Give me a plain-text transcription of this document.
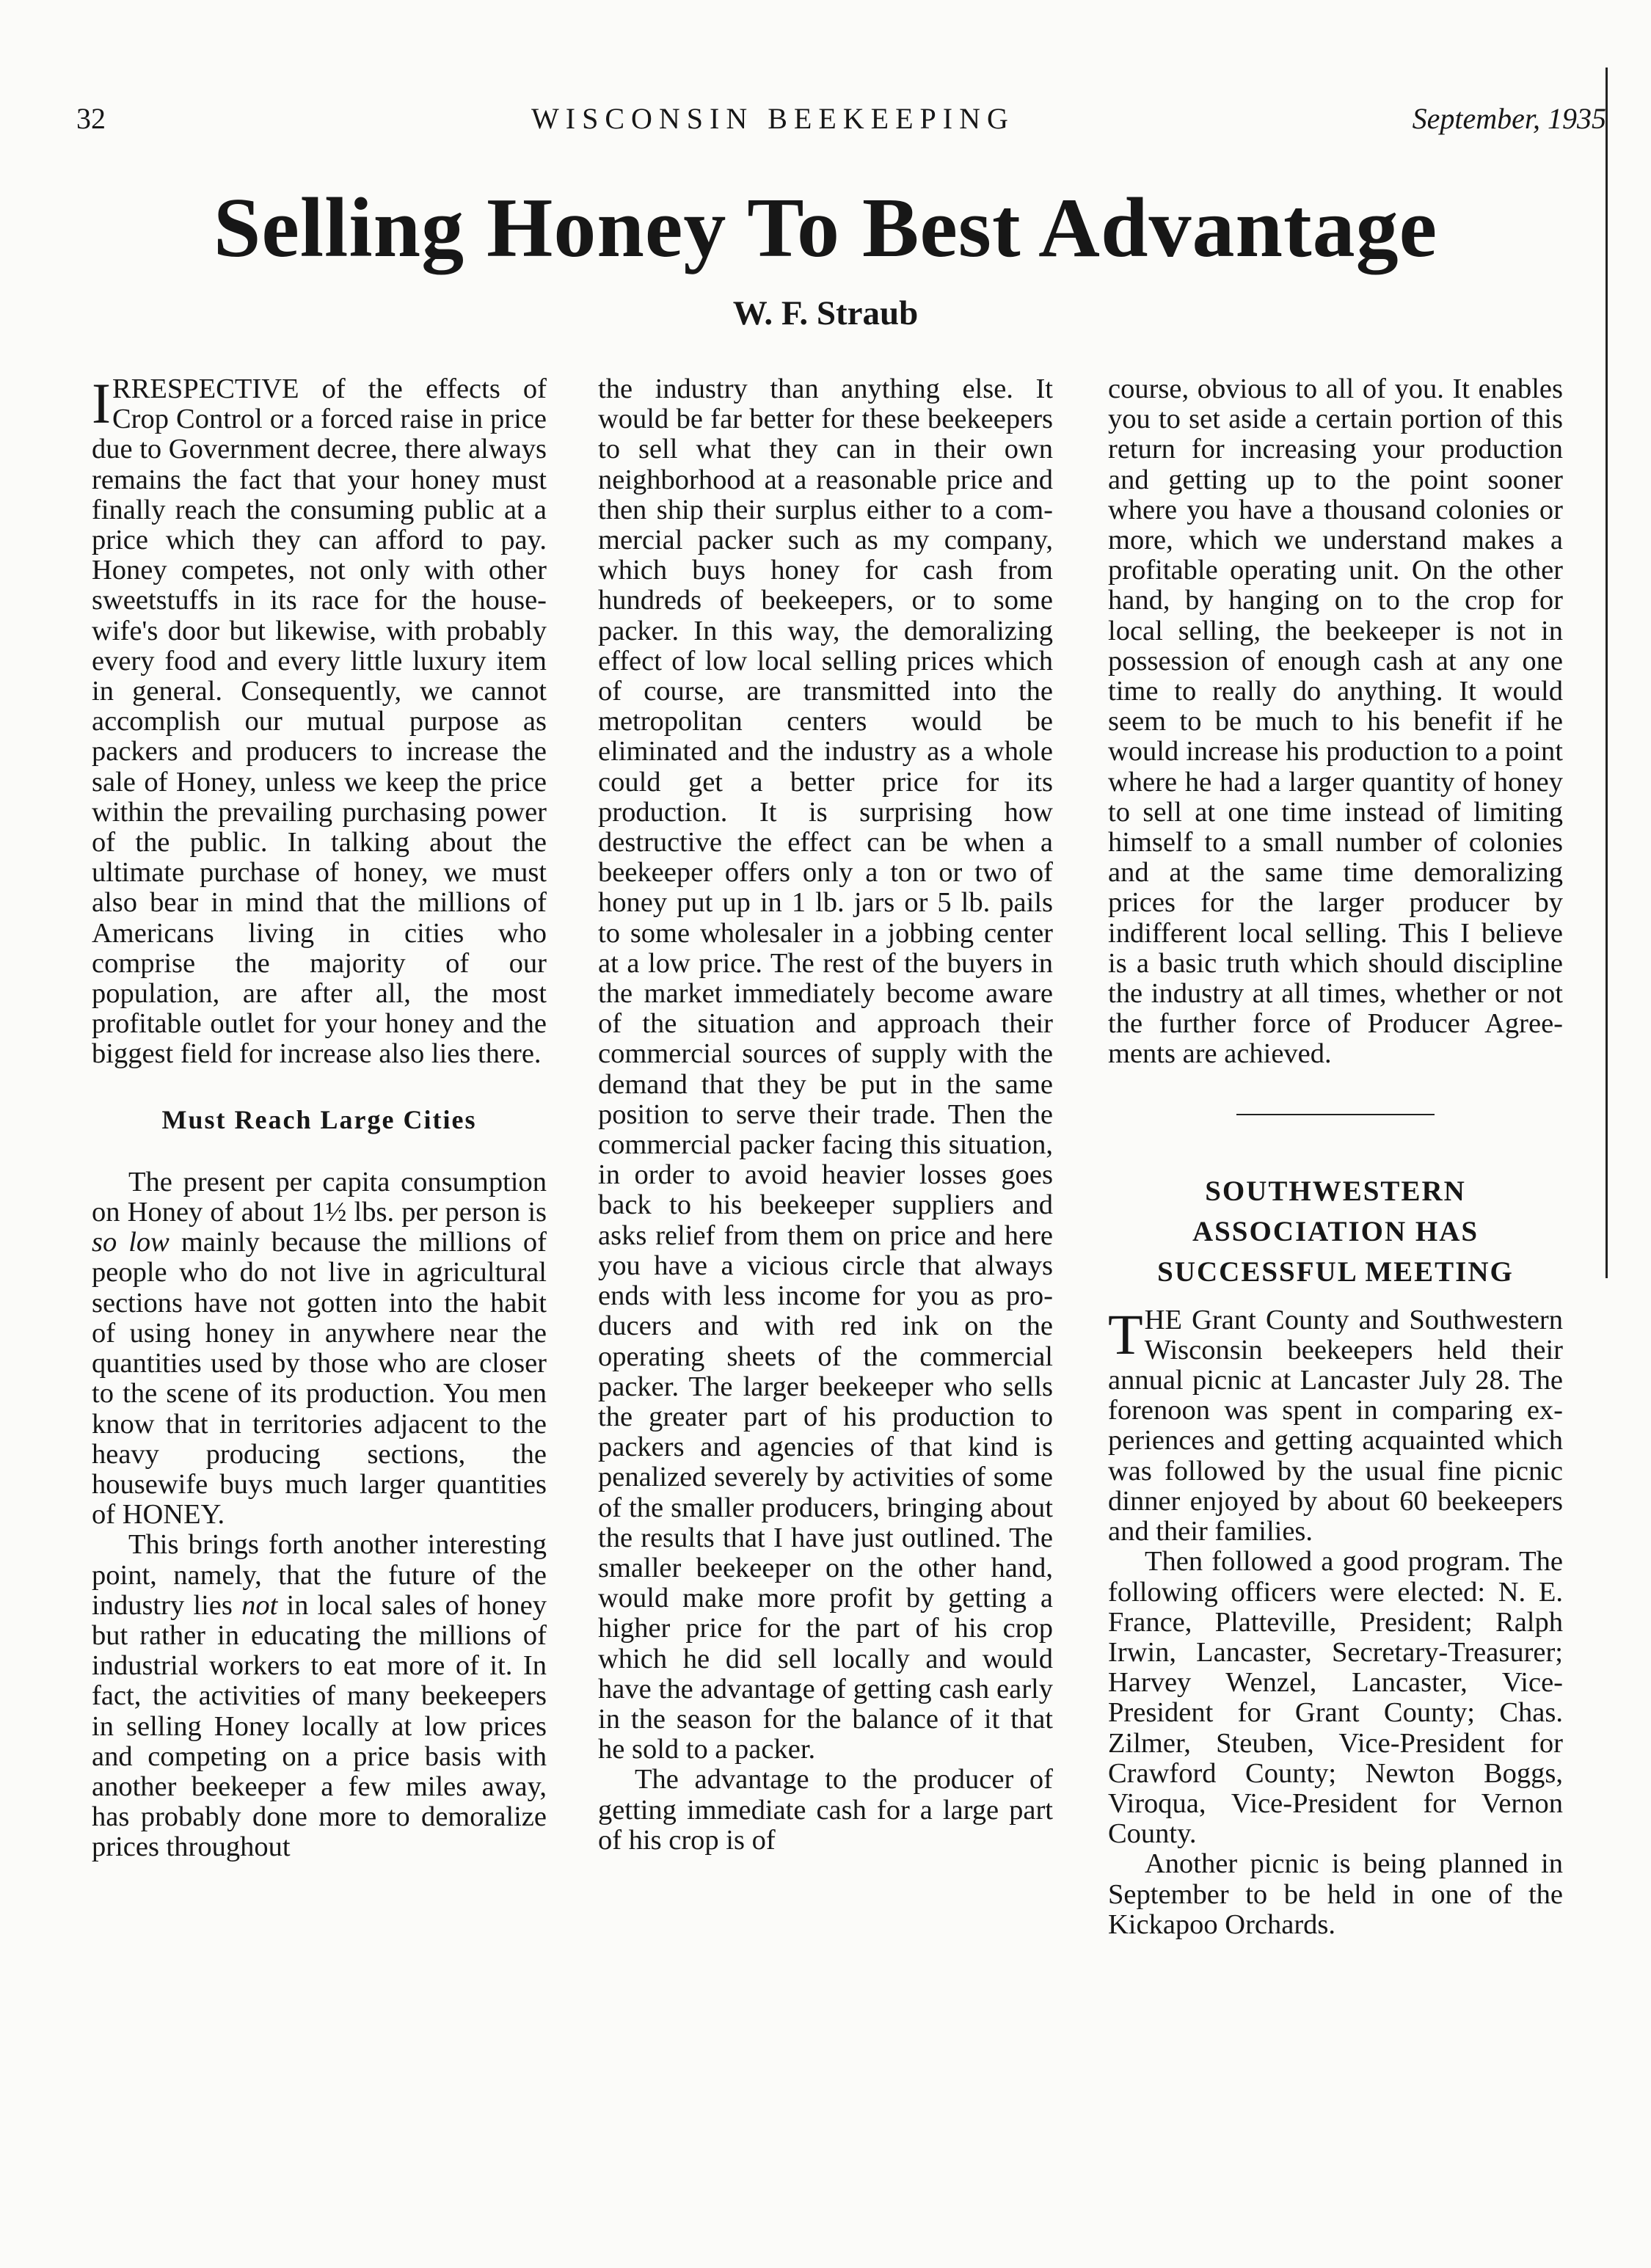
32	WISCONSIN BEEKEEPING	September, 1935
Selling Honey To Best Advantage
W. F. Straub

IRRESPECTIVE of the effects of Crop Control or a forced raise in price due to Government decree, there always remains the fact that your honey must finally reach the consuming public at a price which they can afford to pay. Honey competes, not only with other sweetstuffs in its race for the housewife's door but likewise, with probably every food and every little luxury item in general. Consequently, we cannot accomplish our mutual purpose as packers and producers to increase the sale of Honey, unless we keep the price within the prevailing purchasing power of the public. In talking about the ultimate purchase of honey, we must also bear in mind that the millions of Americans living in cities who comprise the majority of our population, are after all, the most profitable outlet for your honey and the biggest field for increase also lies there.

Must Reach Large Cities

The present per capita consumption on Honey of about 1½ lbs. per person is so low mainly because the millions of people who do not live in agricultural sections have not gotten into the habit of using honey in anywhere near the quantities used by those who are closer to the scene of its production. You men know that in territories adjacent to the heavy producing sections, the housewife buys much larger quantities of HONEY.

This brings forth another interesting point, namely, that the future of the industry lies not in local sales of honey but rather in educating the millions of industrial workers to eat more of it. In fact, the activities of many beekeepers in selling Honey locally at low prices and competing on a price basis with another beekeeper a few miles away, has probably done more to demoralize prices throughout

the industry than anything else. It would be far better for these beekeepers to sell what they can in their own neighborhood at a reasonable price and then ship their surplus either to a commercial packer such as my company, which buys honey for cash from hundreds of beekeepers, or to some packer. In this way, the demoralizing effect of low local selling prices which of course, are transmitted into the metropolitan centers would be eliminated and the industry as a whole could get a better price for its production. It is surprising how destructive the effect can be when a beekeeper offers only a ton or two of honey put up in 1 lb. jars or 5 lb. pails to some wholesaler in a jobbing center at a low price. The rest of the buyers in the market immediately become aware of the situation and approach their commercial sources of supply with the demand that they be put in the same position to serve their trade. Then the commercial packer facing this situation, in order to avoid heavier losses goes back to his beekeeper suppliers and asks relief from them on price and here you have a vicious circle that always ends with less income for you as producers and with red ink on the operating sheets of the commercial packer. The larger beekeeper who sells the greater part of his production to packers and agencies of that kind is penalized severely by activities of some of the smaller producers, bringing about the results that I have just outlined. The smaller beekeeper on the other hand, would make more profit by getting a higher price for the part of his crop which he did sell locally and would have the advantage of getting cash early in the season for the balance of it that he sold to a packer.

The advantage to the producer of getting immediate cash for a large part of his crop is of

course, obvious to all of you. It enables you to set aside a certain portion of this return for increasing your production and getting up to the point sooner where you have a thousand colonies or more, which we understand makes a profitable operating unit. On the other hand, by hanging on to the crop for local selling, the beekeeper is not in possession of enough cash at any one time to really do anything. It would seem to be much to his benefit if he would increase his production to a point where he had a larger quantity of honey to sell at one time instead of limiting himself to a small number of colonies and at the same time demoralizing prices for the larger producer by indifferent local selling. This I believe is a basic truth which should discipline the industry at all times, whether or not the further force of Producer Agreements are achieved.

SOUTHWESTERN
ASSOCIATION HAS
SUCCESSFUL MEETING

THE Grant County and Southwestern Wisconsin beekeepers held their annual picnic at Lancaster July 28. The forenoon was spent in comparing experiences and getting acquainted which was followed by the usual fine picnic dinner enjoyed by about 60 beekeepers and their families.

Then followed a good program. The following officers were elected: N. E. France, Platteville, President; Ralph Irwin, Lancaster, Secretary-Treasurer; Harvey Wenzel, Lancaster, Vice-President for Grant County; Chas. Zilmer, Steuben, Vice-President for Crawford County; Newton Boggs, Viroqua, Vice-President for Vernon County.

Another picnic is being planned in September to be held in one of the Kickapoo Orchards.
